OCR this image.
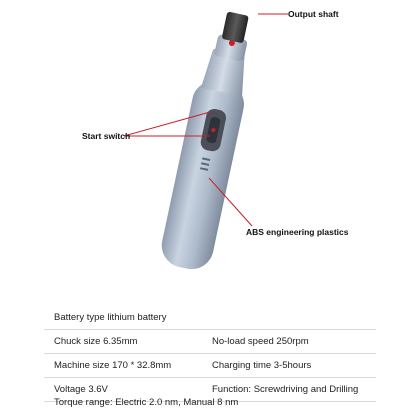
Output shaft
Start switch
ABS engineering plastics
Battery type lithium battery
Chuck size 6.35mm	No-load speed 250rpm
Machine size 170 * 32.8mm	Charging time 3-5hours
Voltage 3.6V	Function: Screwdriving and Drilling
Torque range: Electric 2.0 nm, Manual 8 nm
